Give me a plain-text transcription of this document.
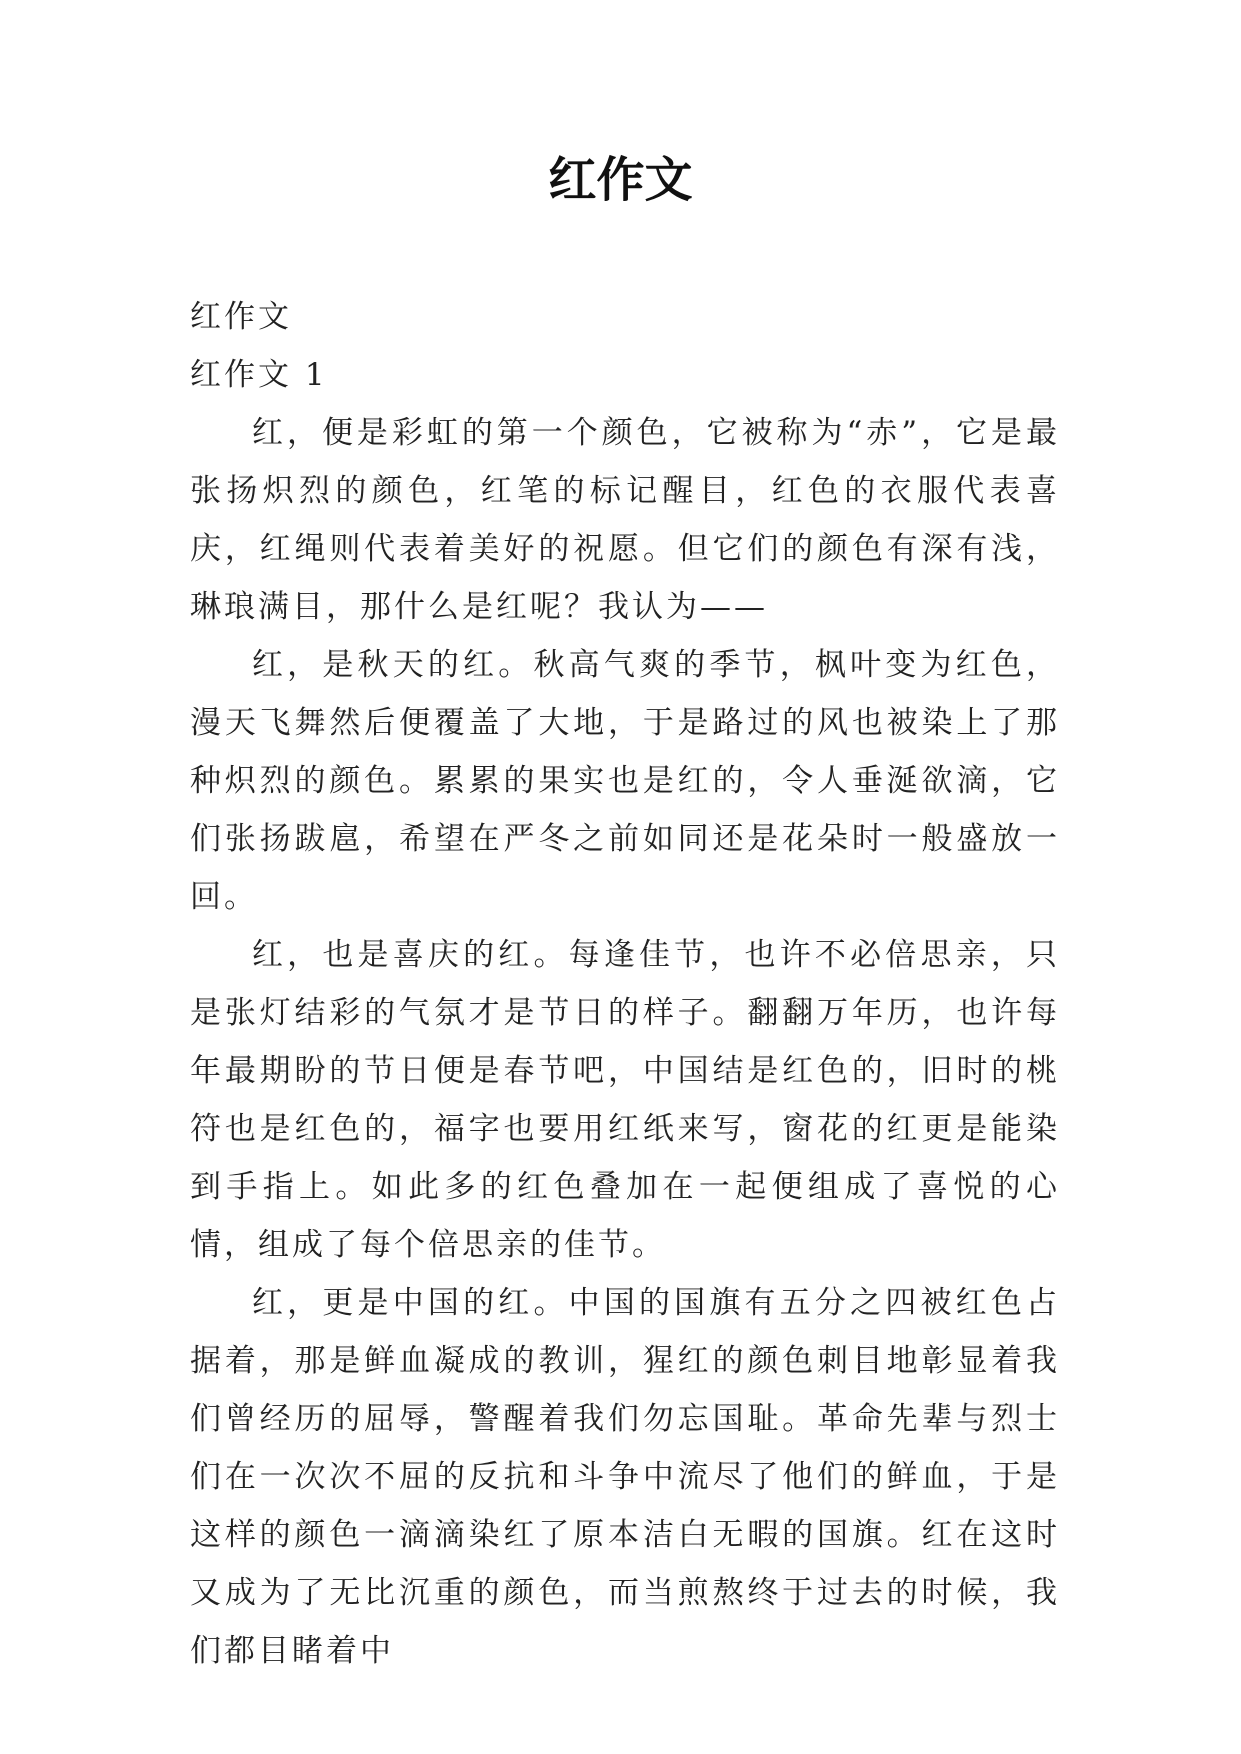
红作文

红作文

红作文 1

红，便是彩虹的第一个颜色，它被称为“赤”，它是最张扬炽烈的颜色，红笔的标记醒目，红色的衣服代表喜庆，红绳则代表着美好的祝愿。但它们的颜色有深有浅，琳琅满目，那什么是红呢？我认为——

红，是秋天的红。秋高气爽的季节，枫叶变为红色，漫天飞舞然后便覆盖了大地，于是路过的风也被染上了那种炽烈的颜色。累累的果实也是红的，令人垂涎欲滴，它们张扬跋扈，希望在严冬之前如同还是花朵时一般盛放一回。

红，也是喜庆的红。每逢佳节，也许不必倍思亲，只是张灯结彩的气氛才是节日的样子。翻翻万年历，也许每年最期盼的节日便是春节吧，中国结是红色的，旧时的桃符也是红色的，福字也要用红纸来写，窗花的红更是能染到手指上。如此多的红色叠加在一起便组成了喜悦的心情，组成了每个倍思亲的佳节。

红，更是中国的红。中国的国旗有五分之四被红色占据着，那是鲜血凝成的教训，猩红的颜色刺目地彰显着我们曾经历的屈辱，警醒着我们勿忘国耻。革命先辈与烈士们在一次次不屈的反抗和斗争中流尽了他们的鲜血，于是这样的颜色一滴滴染红了原本洁白无暇的国旗。红在这时又成为了无比沉重的颜色，而当煎熬终于过去的时候，我们都目睹着中
